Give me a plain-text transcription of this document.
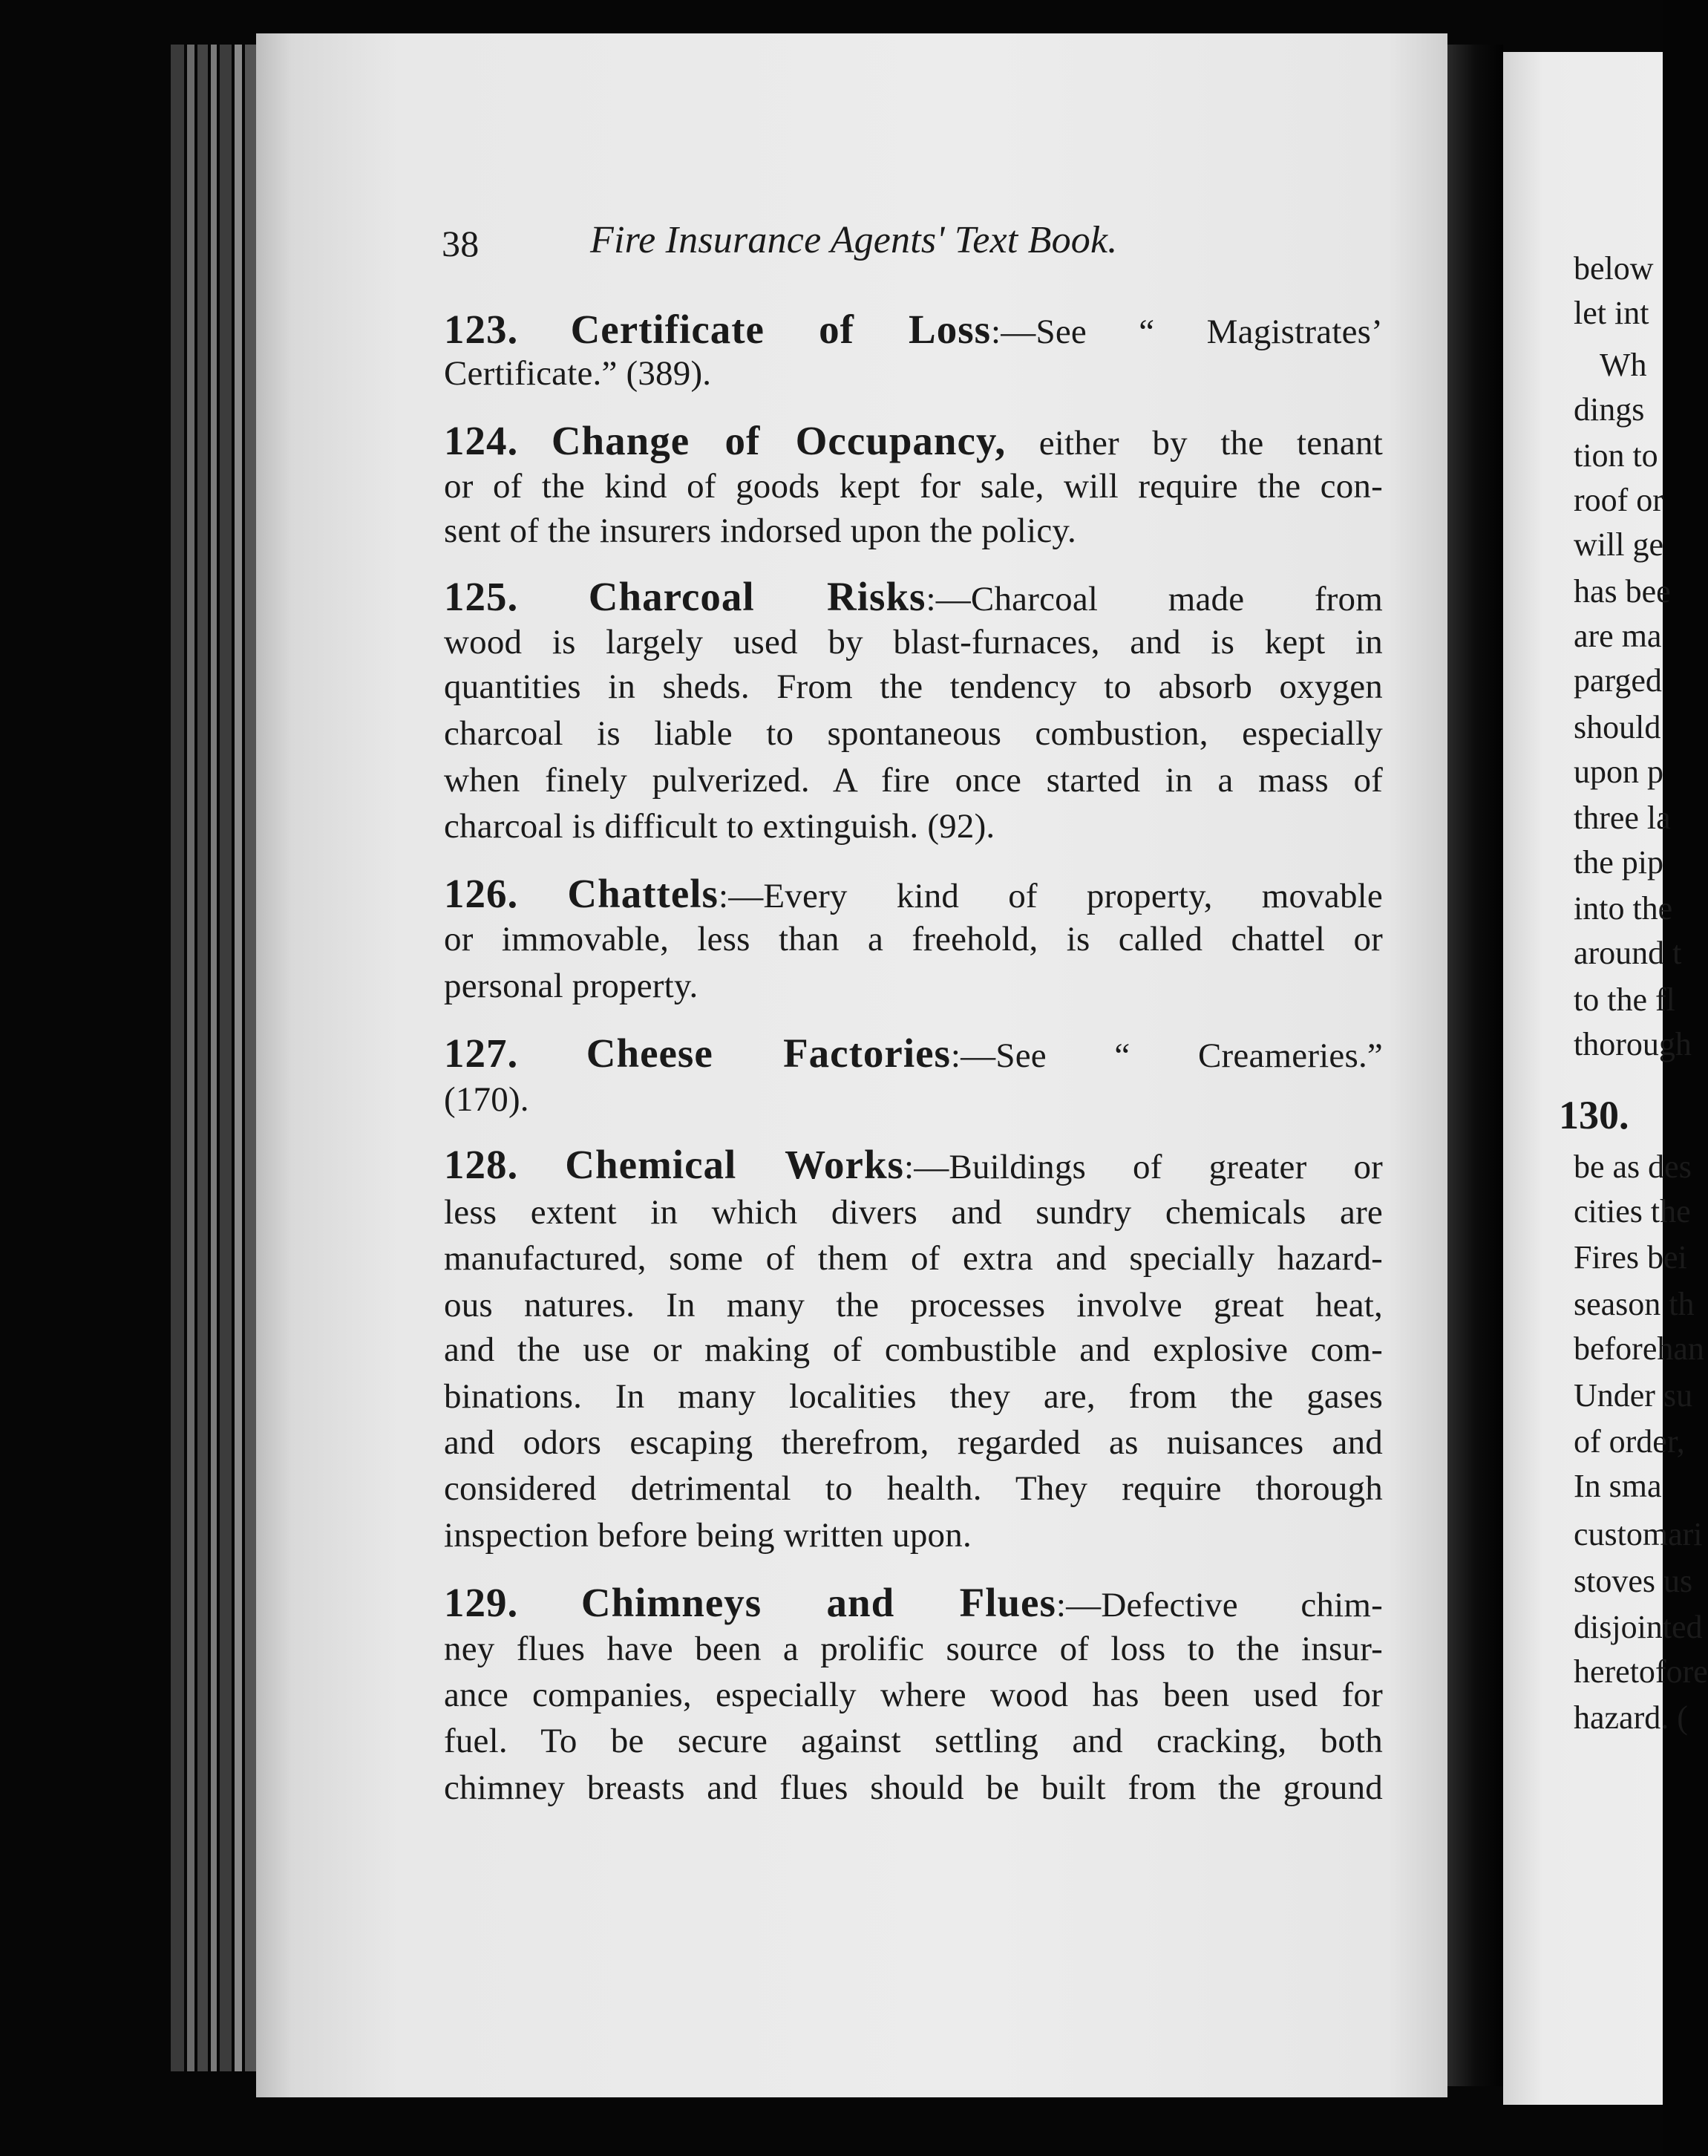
below
let int
Wh
dings
tion to
roof or
will ge
has bee
are ma
parged
should
upon p
three la
the pip
into the
around t
to the fl
thorough
130.
be as des
cities the
Fires bei
season th
beforehan
Under su
of order,
In sma
customari
stoves us
disjointed
heretofore
hazard. (
38	Fire Insurance Agents' Text Book.
123. Certificate of Loss:—See “ Magistrates’
Certificate.” (389).
124. Change of Occupancy, either by the tenant
or of the kind of goods kept for sale, will require the con-
sent of the insurers indorsed upon the policy.
125. Charcoal Risks:—Charcoal made from
wood is largely used by blast-furnaces, and is kept in
quantities in sheds. From the tendency to absorb oxygen
charcoal is liable to spontaneous combustion, especially
when finely pulverized. A fire once started in a mass of
charcoal is difficult to extinguish. (92).
126. Chattels:—Every kind of property, movable
or immovable, less than a freehold, is called chattel or
personal property.
127. Cheese Factories:—See “ Creameries.”
(170).
128. Chemical Works:—Buildings of greater or
less extent in which divers and sundry chemicals are
manufactured, some of them of extra and specially hazard-
ous natures. In many the processes involve great heat,
and the use or making of combustible and explosive com-
binations. In many localities they are, from the gases
and odors escaping therefrom, regarded as nuisances and
considered detrimental to health. They require thorough
inspection before being written upon.
129. Chimneys and Flues:—Defective chim-
ney flues have been a prolific source of loss to the insur-
ance companies, especially where wood has been used for
fuel. To be secure against settling and cracking, both
chimney breasts and flues should be built from the ground
